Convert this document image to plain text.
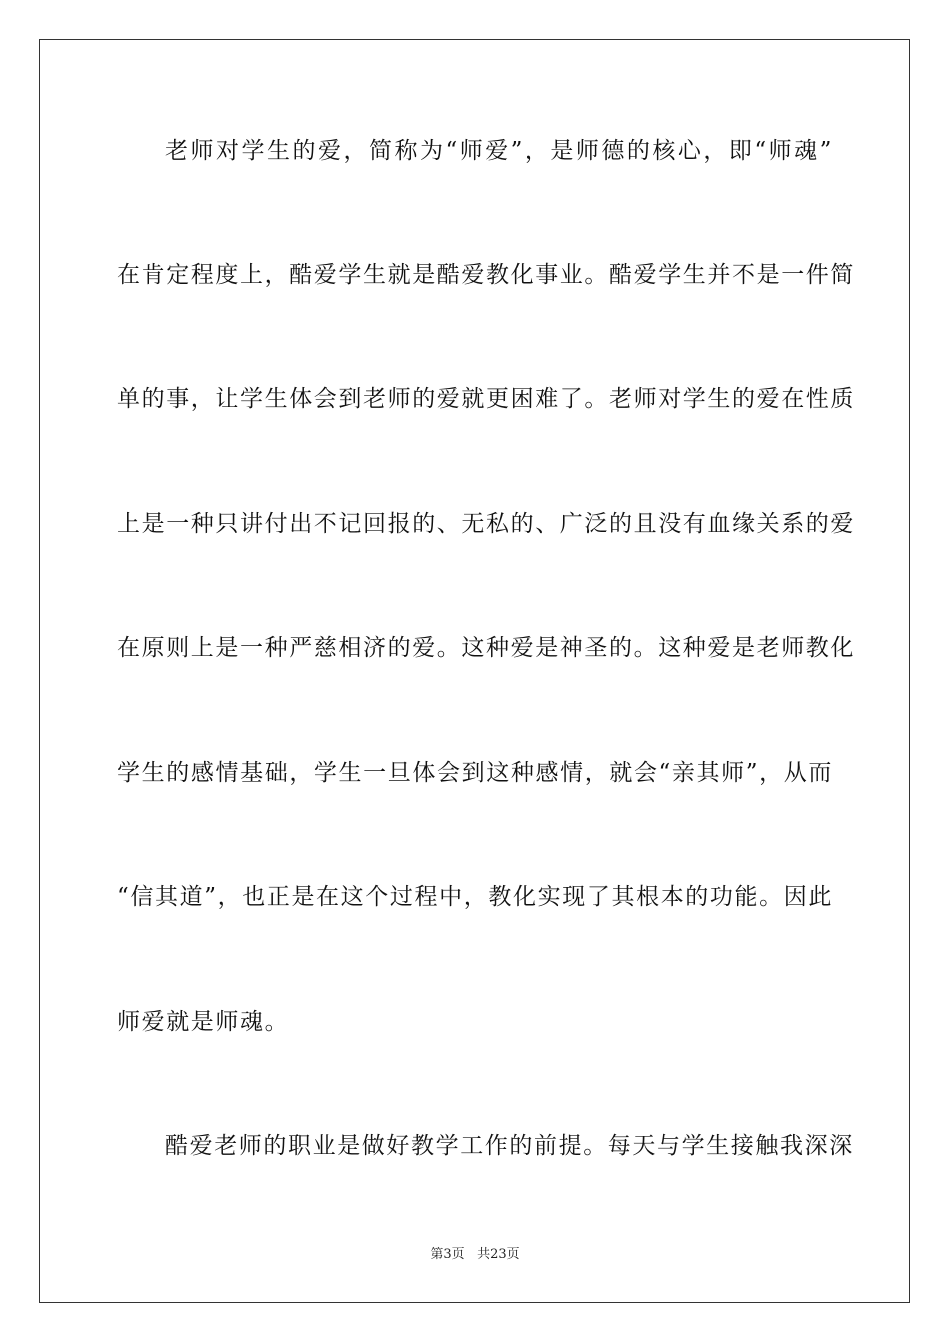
老师对学生的爱，简称为“师爱”，是师德的核心，即“师魂”
在肯定程度上，酷爱学生就是酷爱教化事业。酷爱学生并不是一件简
单的事，让学生体会到老师的爱就更困难了。老师对学生的爱在性质
上是一种只讲付出不记回报的、无私的、广泛的且没有血缘关系的爱
在原则上是一种严慈相济的爱。这种爱是神圣的。这种爱是老师教化
学生的感情基础，学生一旦体会到这种感情，就会“亲其师”，从而
“信其道”，也正是在这个过程中，教化实现了其根本的功能。因此
师爱就是师魂。
酷爱老师的职业是做好教学工作的前提。每天与学生接触我深深
第3页 共23页
